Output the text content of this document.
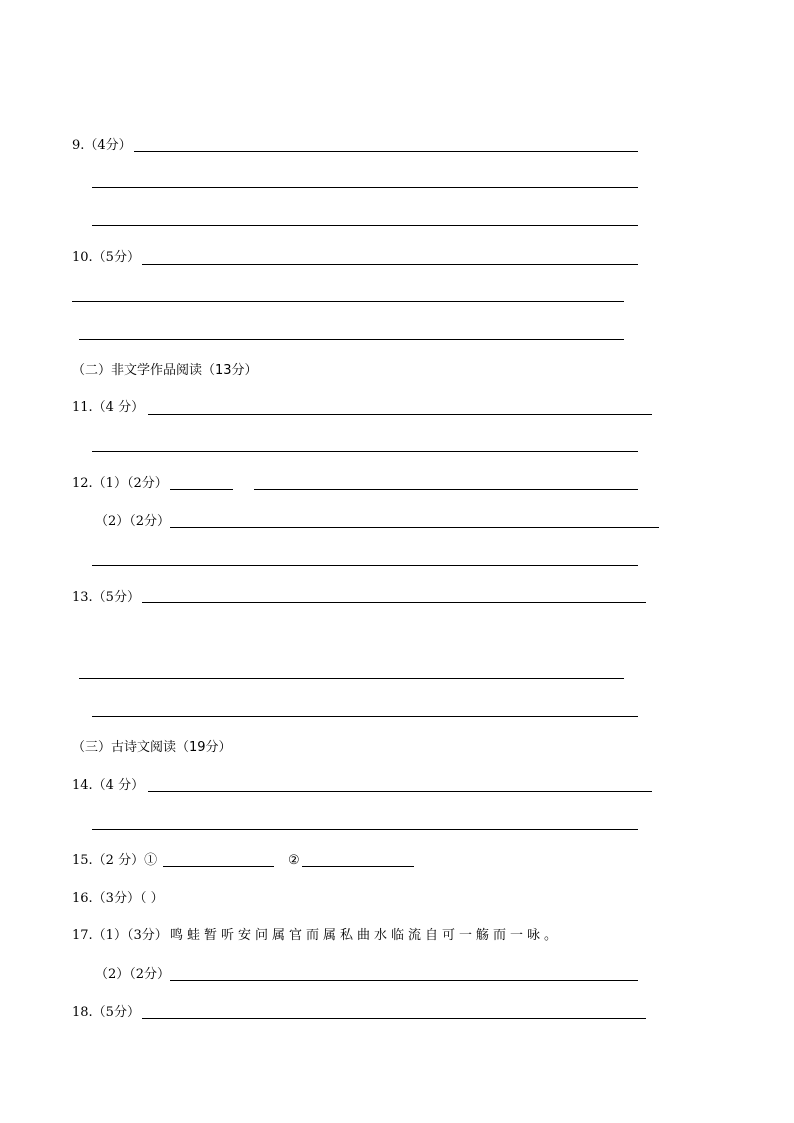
9.（4分）
10.（5分）
（二）非文学作品阅读（13分）
11.（4 分）
12.（1）（2分）
（2）（2分）
13.（5分）
（三）古诗文阅读（19分）
14.（4 分）
15.（2 分）①	②
16.（3分）（ ）
17.（1）（3分） 鸣蛙暂听安问属官而属私曲水临流自可一觞而一咏。
（2）（2分）
18.（5分）
